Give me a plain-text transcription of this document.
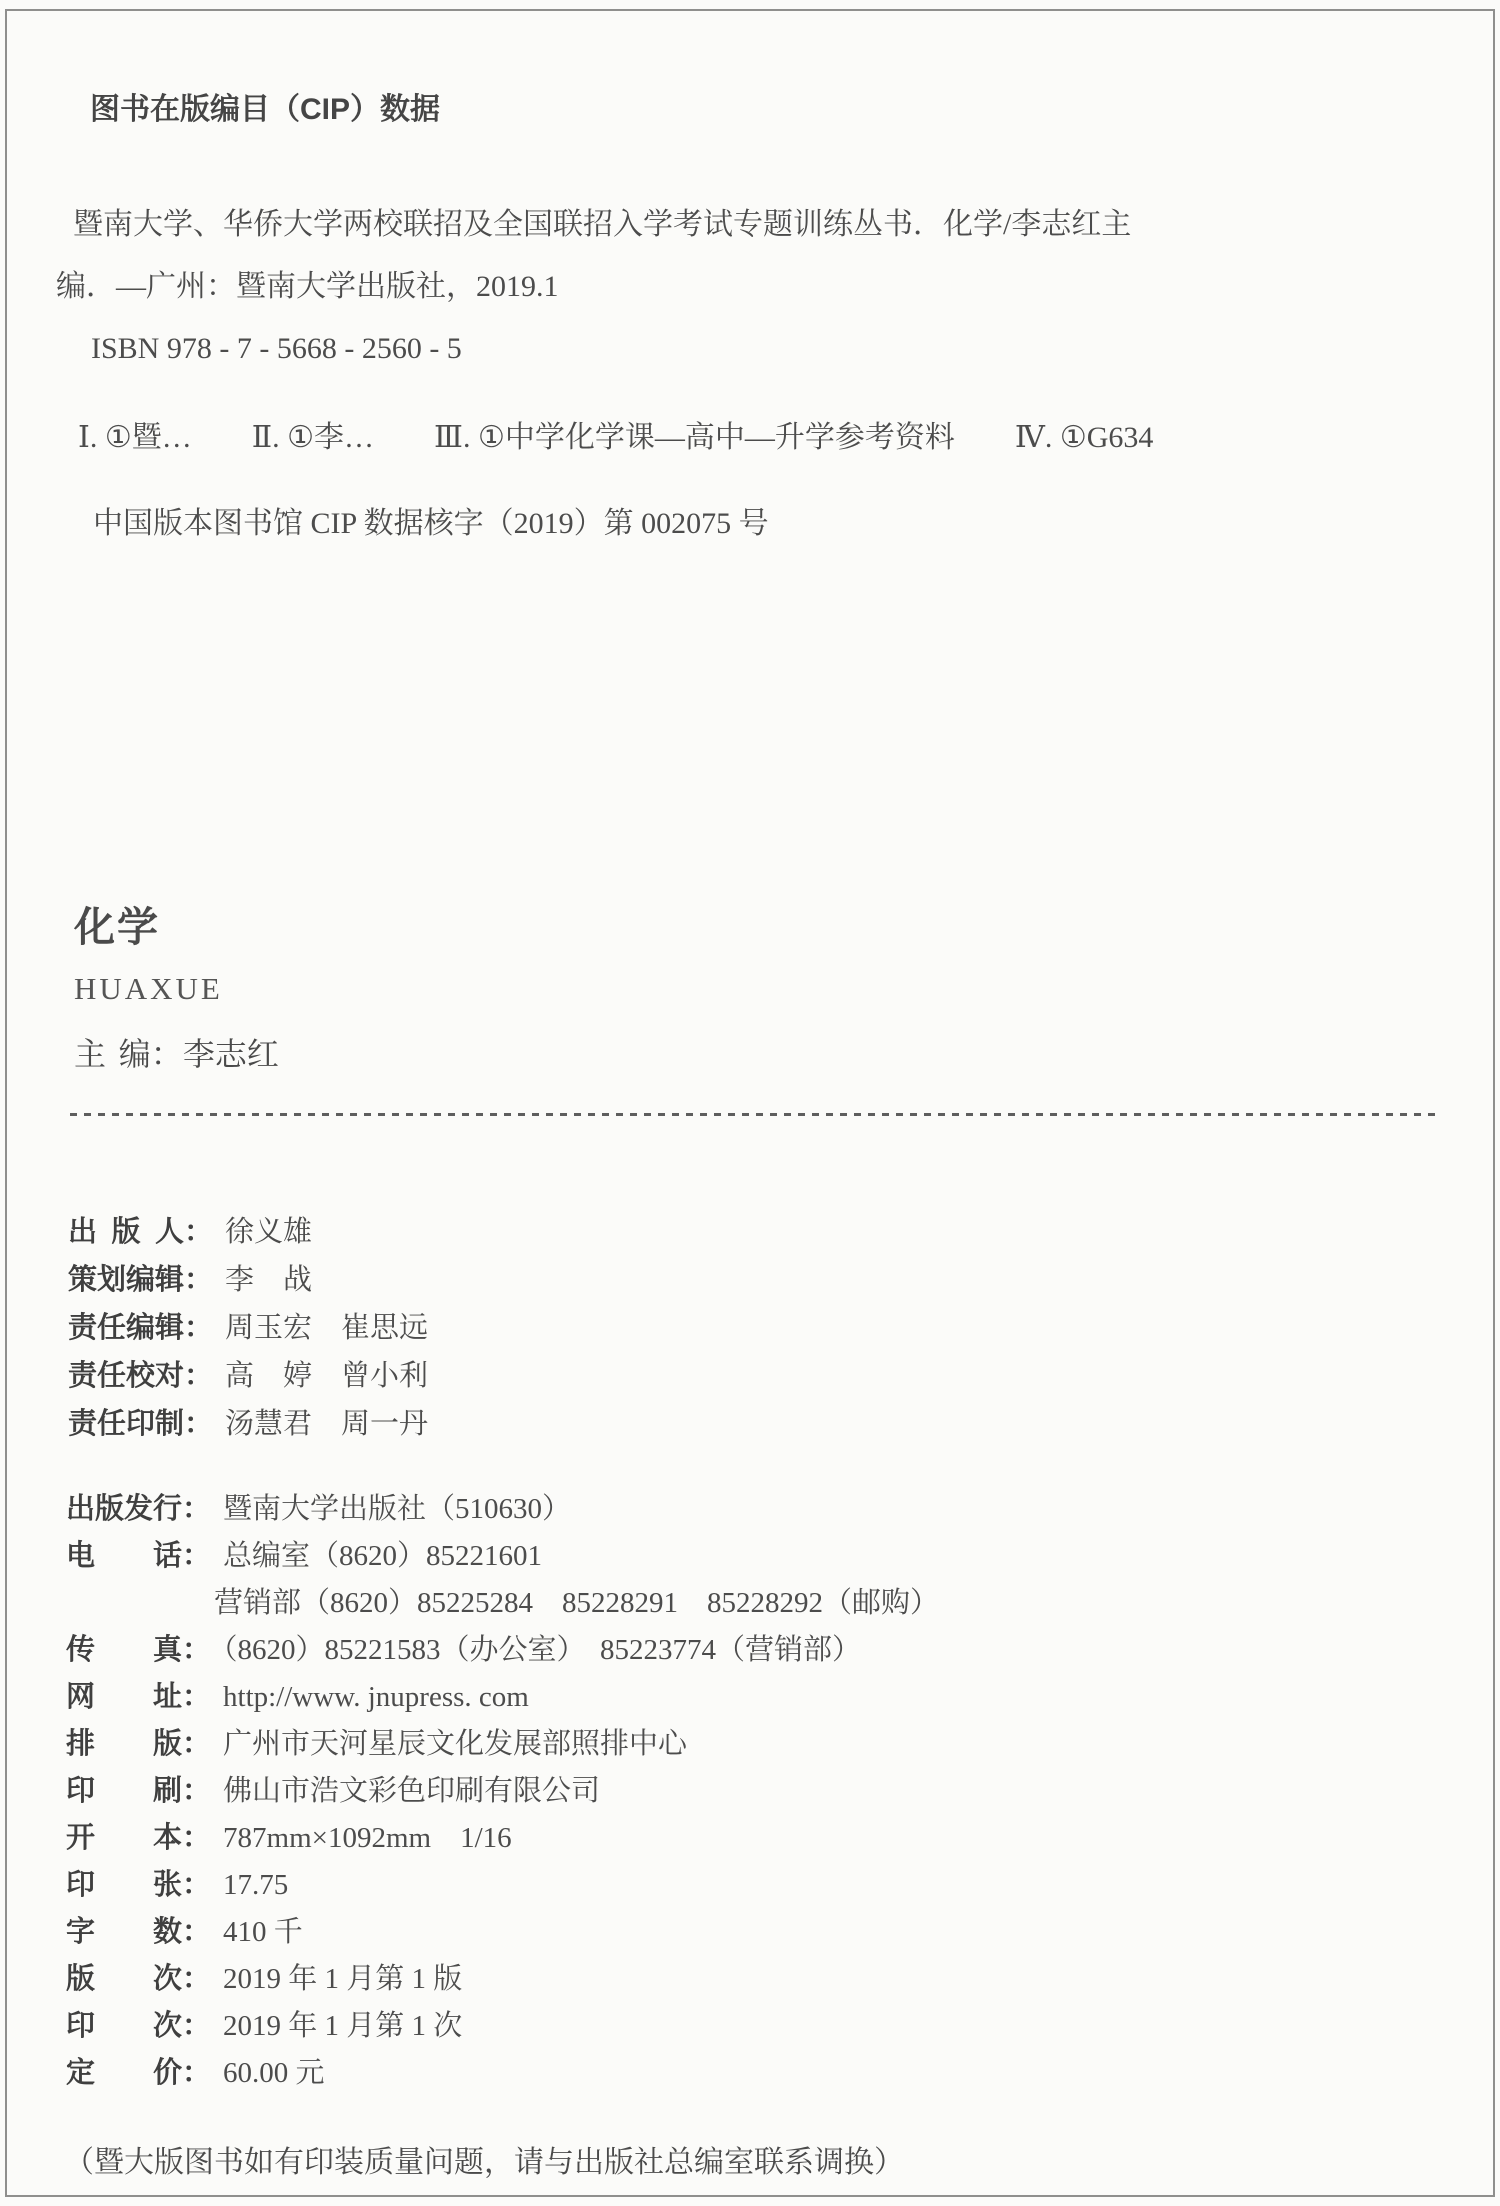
图书在版编目（CIP）数据
暨南大学、华侨大学两校联招及全国联招入学考试专题训练丛书．化学/李志红主
编．—广州：暨南大学出版社，2019.1
ISBN 978 - 7 - 5668 - 2560 - 5
Ⅰ. ①暨…　　Ⅱ. ①李…　　Ⅲ. ①中学化学课—高中—升学参考资料　　Ⅳ. ①G634
中国版本图书馆 CIP 数据核字（2019）第 002075 号
化学
HUAXUE
主编：李志红
出版人： 徐义雄
策划编辑： 李　战
责任编辑： 周玉宏　崔思远
责任校对： 高　婷　曾小利
责任印制： 汤慧君　周一丹
出版发行： 暨南大学出版社（510630）
电话： 总编室（8620）85221601
营销部（8620）85225284　85228291　85228292（邮购）
传真： （8620）85221583（办公室）　85223774（营销部）
网址： http://www. jnupress. com
排版： 广州市天河星辰文化发展部照排中心
印刷： 佛山市浩文彩色印刷有限公司
开本： 787mm×1092mm　1/16
印张： 17.75
字数： 410 千
版次： 2019 年 1 月第 1 版
印次： 2019 年 1 月第 1 次
定价： 60.00 元
（暨大版图书如有印装质量问题，请与出版社总编室联系调换）
